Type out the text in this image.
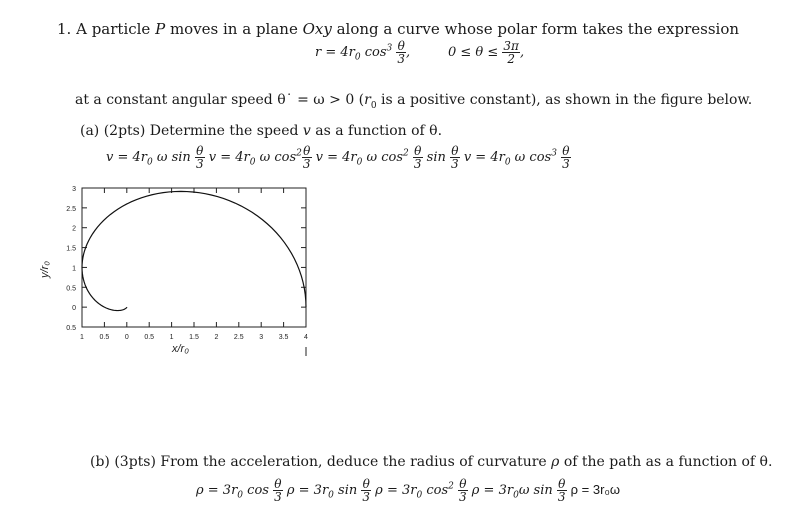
1. A particle P moves in a plane Oxy along a curve whose polar form takes the expression
$r = 4r_0$ $\cos^3 \frac{\theta}{3}$ ,	$0 \le \theta \le \frac{3\pi}{2}$ ,
at a constant angular speed θ˙ = ω > 0 ($r_0$ is a positive constant), as shown in the figure below.
(a) (2pts) Determine the speed v as a function of θ.
$v = 4r_0$ ω $\sin \frac{\theta}{3}$ $v = 4r_0$ ω $\cos^2 \frac{\theta}{3}$ $v = 4r_0$ ω $\cos^2 \frac{\theta}{3}$ $\sin \frac{\theta}{3}$ $v = 4r_0$ ω $\cos^3 \frac{\theta}{3}$
3
2.5
2
1.5
1
0.5
0
0.5
1 0.5 0 0.5 1 1.5 2 2.5 3 3.5 4
x/r₀
y/r₀
(b) (3pts) From the acceleration, deduce the radius of curvature ρ of the path as a function of θ.
$\rho = 3r_0$ $\cos \frac{\theta}{3}$ $\rho = 3r_0$ $\sin \frac{\theta}{3}$ $\rho = 3r_0$ $\cos^2 \frac{\theta}{3}$ $\rho = 3r_0\omega$ $\sin \frac{\theta}{3}$ ρ = 3r₀ω
